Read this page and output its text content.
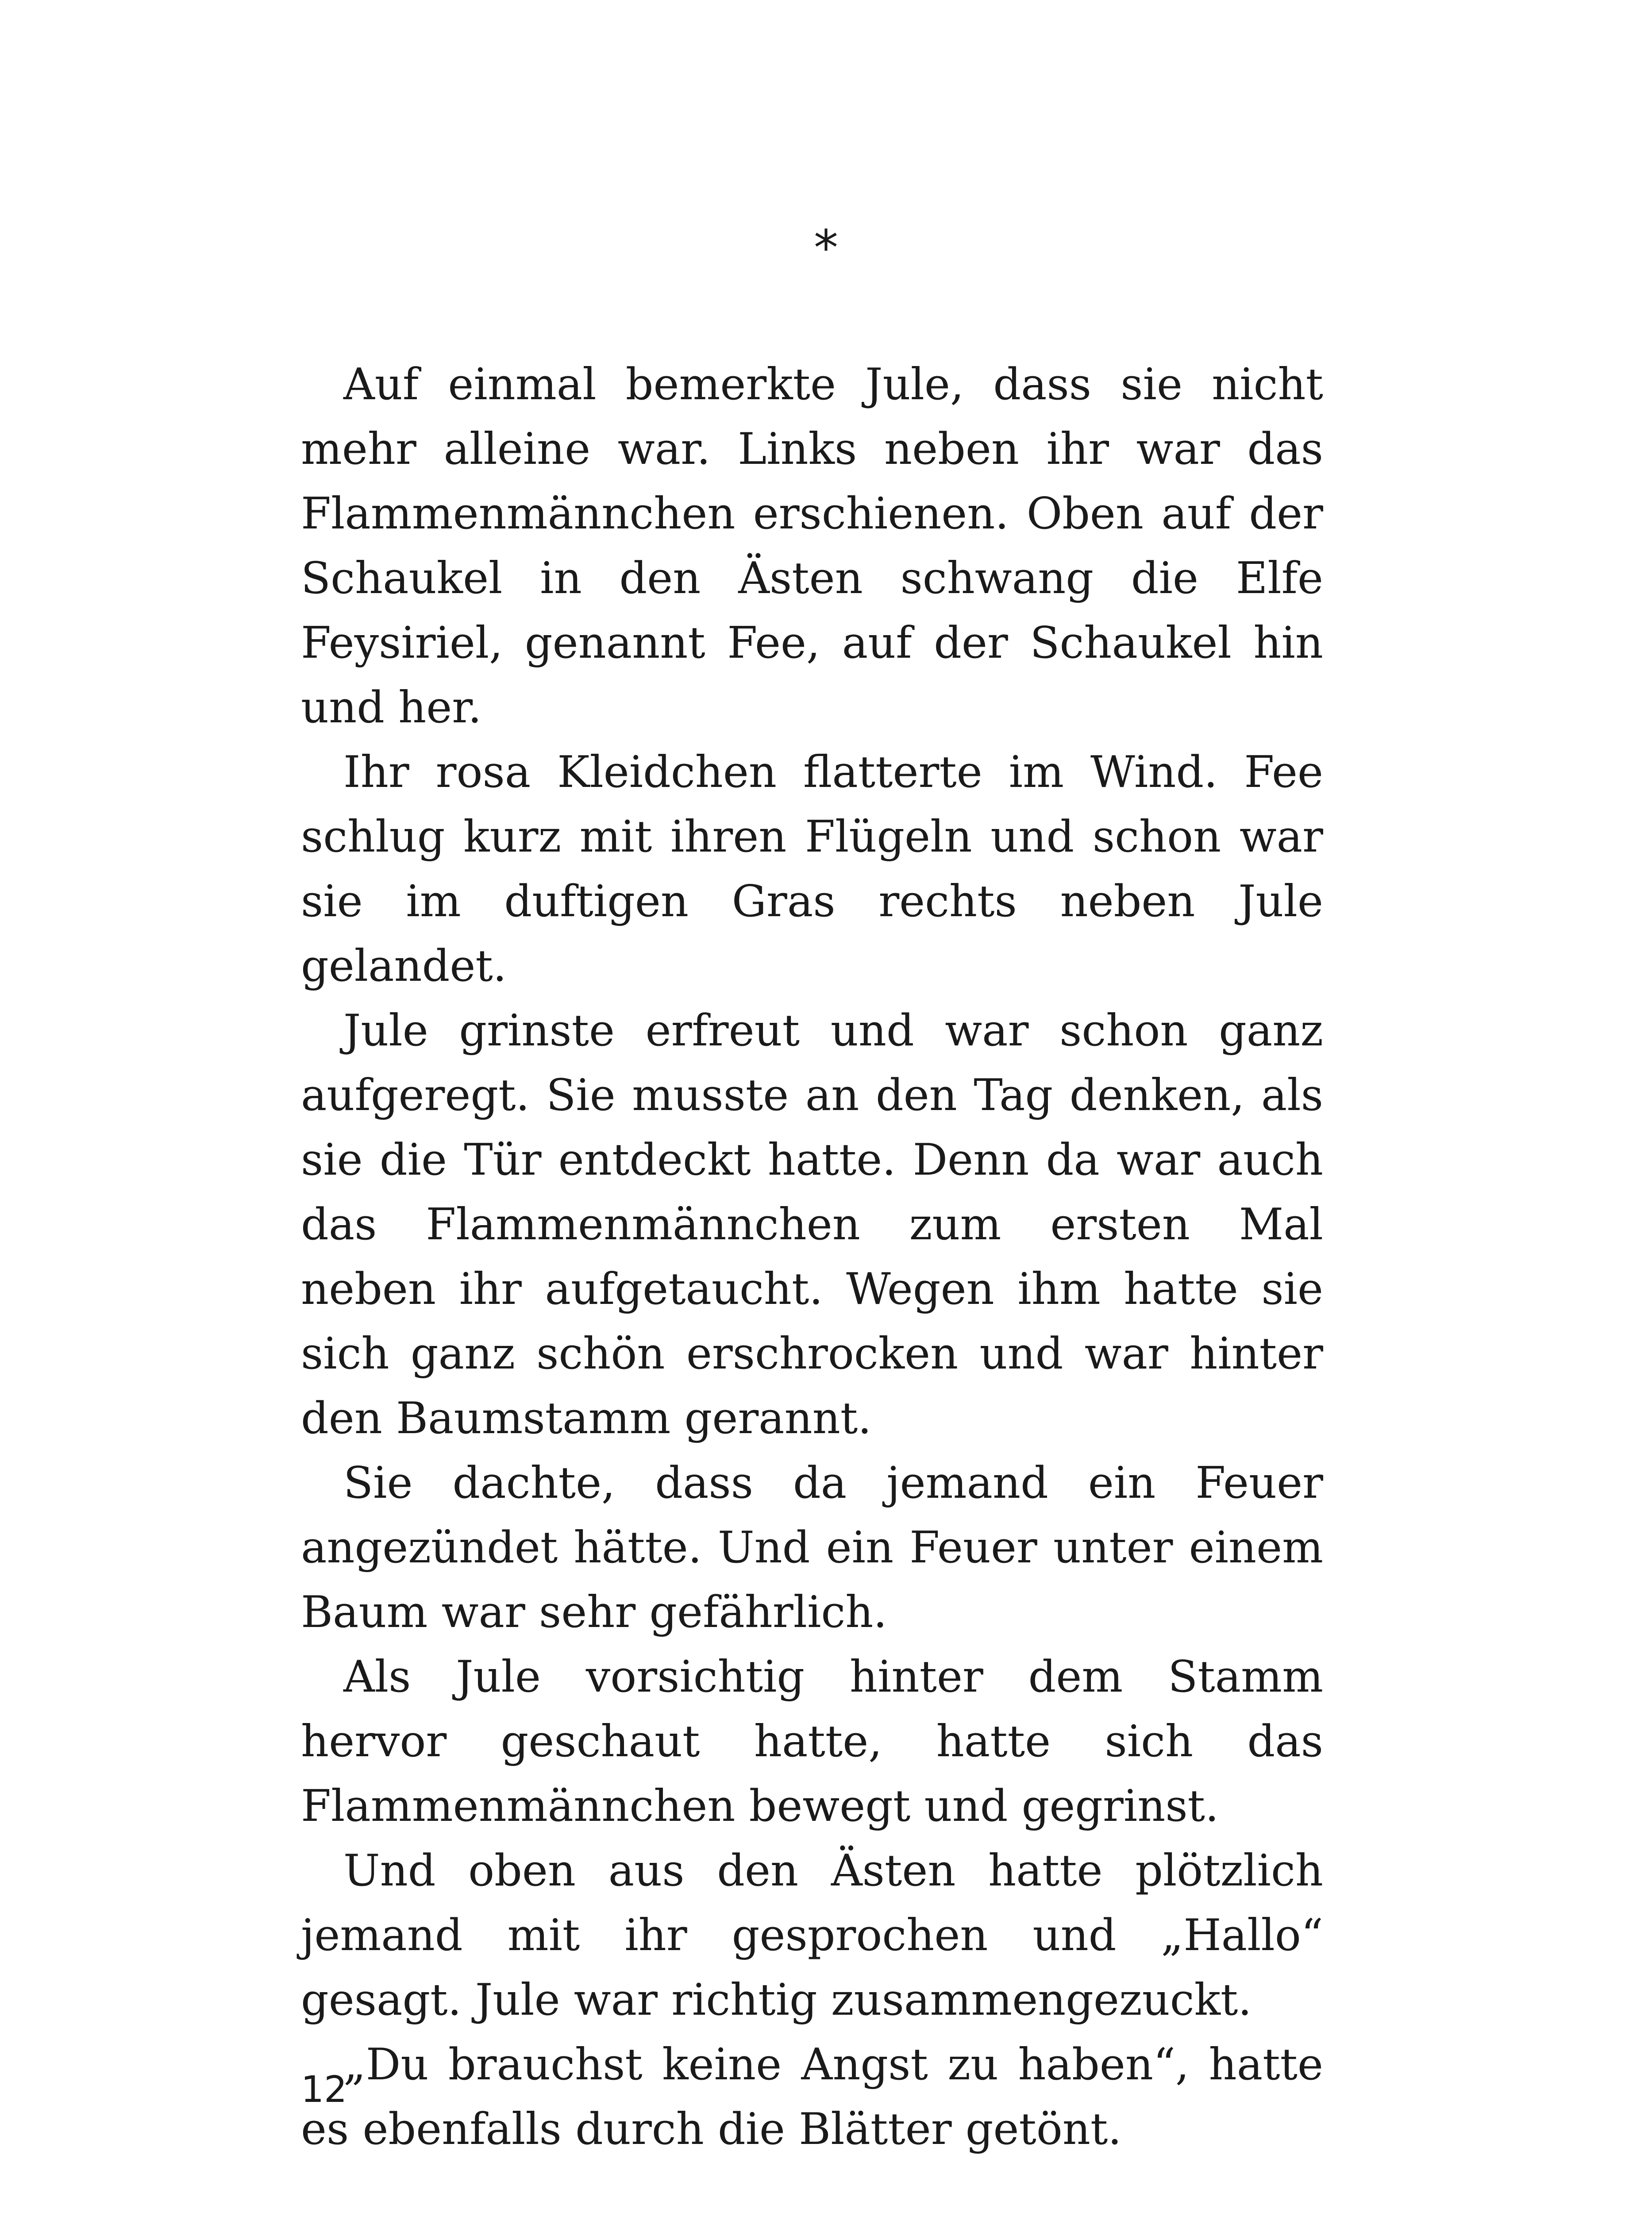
*

Auf einmal bemerkte Jule, dass sie nicht mehr alleine war. Links neben ihr war das Flammenmännchen erschienen. Oben auf der Schaukel in den Ästen schwang die Elfe Feysiriel, genannt Fee, auf der Schaukel hin und her.

Ihr rosa Kleidchen flatterte im Wind. Fee schlug kurz mit ihren Flügeln und schon war sie im duftigen Gras rechts neben Jule gelandet.

Jule grinste erfreut und war schon ganz aufgeregt. Sie musste an den Tag denken, als sie die Tür entdeckt hatte. Denn da war auch das Flammenmännchen zum ersten Mal neben ihr aufgetaucht. Wegen ihm hatte sie sich ganz schön erschrocken und war hinter den Baumstamm gerannt.

Sie dachte, dass da jemand ein Feuer angezündet hätte. Und ein Feuer unter einem Baum war sehr gefährlich.

Als Jule vorsichtig hinter dem Stamm hervor geschaut hatte, hatte sich das Flammenmännchen bewegt und gegrinst.

Und oben aus den Ästen hatte plötzlich jemand mit ihr gesprochen und „Hallo“ gesagt. Jule war richtig zusammengezuckt.

„Du brauchst keine Angst zu haben“, hatte es ebenfalls durch die Blätter getönt.

12
